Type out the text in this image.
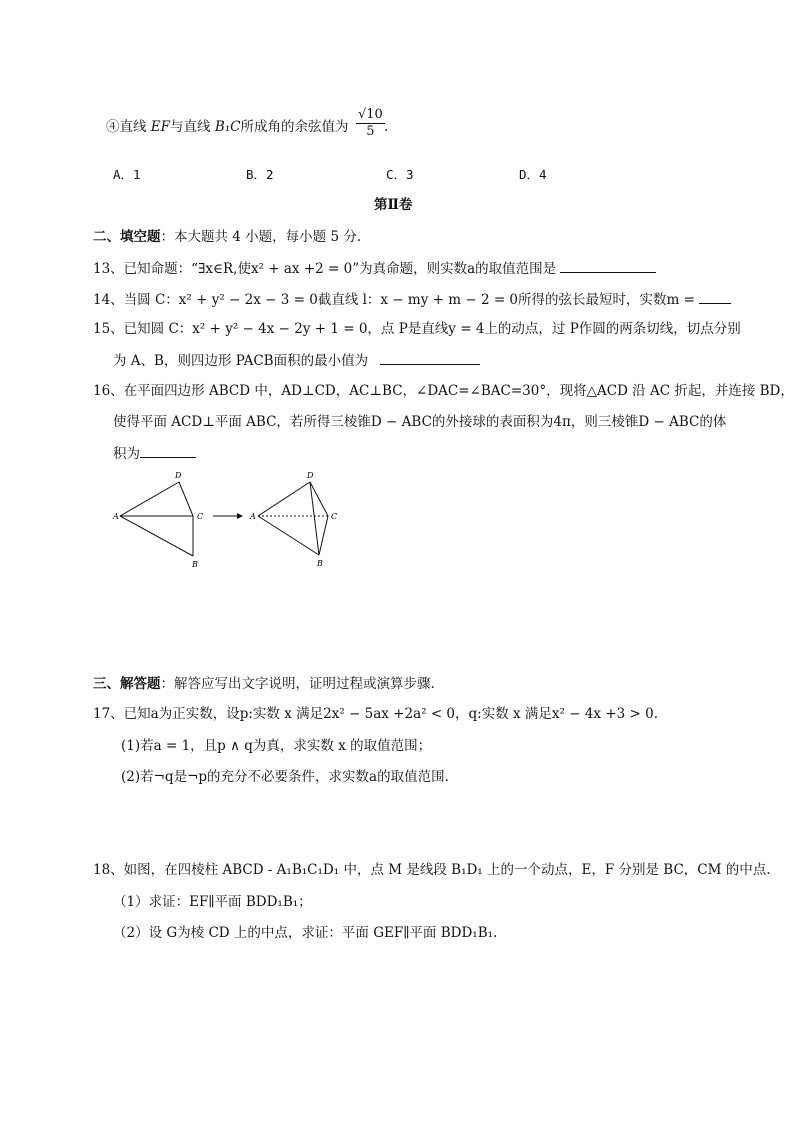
④直线 EF与直线 B₁C所成角的余弦值为 $\frac{√10}{5}$ .
A．1	B．2	C．3	D．4
第Ⅱ卷
二、填空题：本大题共 4 小题，每小题 5 分.
13、已知命题：“∃x∈R,使x² + ax +2 = 0”为真命题，则实数a的取值范围是
14、当圆 C：x² + y² − 2x − 3 = 0截直线 l：x − my + m − 2 = 0所得的弦长最短时，实数m =
15、已知圆 C：x² + y² − 4x − 2y + 1 = 0，点 P是直线y = 4上的动点，过 P作圆的两条切线，切点分别
为 A、B，则四边形 PACB面积的最小值为
16、在平面四边形 ABCD 中，AD⊥CD，AC⊥BC，∠DAC=∠BAC=30°，现将△ACD 沿 AC 折起，并连接 BD，
使得平面 ACD⊥平面 ABC，若所得三棱锥D − ABC的外接球的表面积为4π，则三棱锥D − ABC的体
积为
D
A	C
B
D
A	C
B
三、解答题：解答应写出文字说明，证明过程或演算步骤.
17、已知a为正实数，设p:实数 x 满足2x² − 5ax +2a² < 0，q:实数 x 满足x² − 4x +3 > 0.
(1)若a = 1，且p ∧ q为真，求实数 x 的取值范围；
(2)若¬q是¬p的充分不必要条件，求实数a的取值范围.
18、如图，在四棱柱 ABCD - A₁B₁C₁D₁ 中，点 M 是线段 B₁D₁ 上的一个动点，E，F 分别是 BC，CM 的中点.
（1）求证：EF∥平面 BDD₁B₁；
（2）设 G为棱 CD 上的中点，求证：平面 GEF∥平面 BDD₁B₁.
